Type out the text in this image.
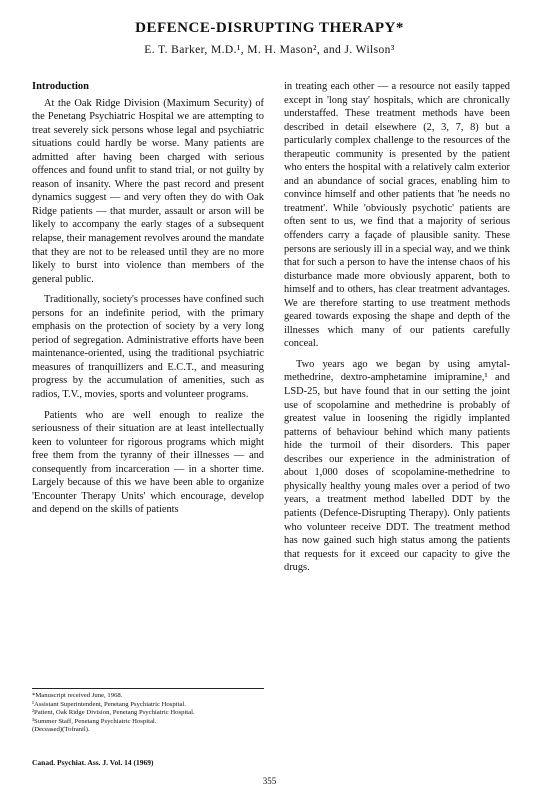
DEFENCE-DISRUPTING THERAPY*
E. T. Barker, M.D.¹, M. H. Mason², and J. Wilson³
Introduction

At the Oak Ridge Division (Maximum Security) of the Penetang Psychiatric Hospital we are attempting to treat severely sick persons whose legal and psychiatric situations could hardly be worse. Many patients are admitted after having been charged with serious offences and found unfit to stand trial, or not guilty by reason of insanity. Where the past record and present dynamics suggest — and very often they do with Oak Ridge patients — that murder, assault or arson will be likely to accompany the early stages of a subsequent relapse, their management revolves around the mandate that they are not to be released until they are no more likely to burst into violence than members of the general public.

Traditionally, society's processes have confined such persons for an indefinite period, with the primary emphasis on the protection of society by a very long period of segregation. Administrative efforts have been maintenance-oriented, using the traditional psychiatric measures of tranquillizers and E.C.T., and measuring progress by the accumulation of amenities, such as radios, T.V., movies, sports and volunteer programs.

Patients who are well enough to realize the seriousness of their situation are at least intellectually keen to volunteer for rigorous programs which might free them from the tyranny of their illnesses — and consequently from incarceration — in a shorter time. Largely because of this we have been able to organize 'Encounter Therapy Units' which encourage, develop and depend on the skills of patients

*Manuscript received June, 1968.
¹Assistant Superintendent, Penetang Psychiatric Hospital.
²Patient, Oak Ridge Division, Penetang Psychiatric Hospital.
³Summer Staff, Penetang Psychiatric Hospital.
(Deceased)(Tofranil).
Canad. Psychiat. Ass. J. Vol. 14 (1969)

in treating each other — a resource not easily tapped except in 'long stay' hospitals, which are chronically understaffed. These treatment methods have been described in detail elsewhere (2, 3, 7, 8) but a particularly complex challenge to the resources of the therapeutic community is presented by the patient who enters the hospital with a relatively calm exterior and an abundance of social graces, enabling him to convince himself and other patients that 'he needs no treatment'. While 'obviously psychotic' patients are often sent to us, we find that a majority of serious offenders carry a façade of plausible sanity. These persons are seriously ill in a special way, and we think that for such a person to have the intense chaos of his disturbance made more obviously apparent, both to himself and to others, has clear treatment advantages. We are therefore starting to use treatment methods geared towards exposing the shape and depth of the illnesses which many of our patients carefully conceal.

Two years ago we began by using amytal-methedrine, dextro-amphetamine imipramine,¹ and LSD-25, but have found that in our setting the joint use of scopolamine and methedrine is probably of greatest value in loosening the rigidly implanted patterns of behaviour behind which many patients hide the turmoil of their disorders. This paper describes our experience in the administration of about 1,000 doses of scopolamine-methedrine to physically healthy young males over a period of two years, a treatment method labelled DDT by the patients (Defence-Disrupting Therapy). Only patients who volunteer receive DDT. The treatment method has now gained such high status among the patients that requests for it exceed our capacity to give the drugs.

355
